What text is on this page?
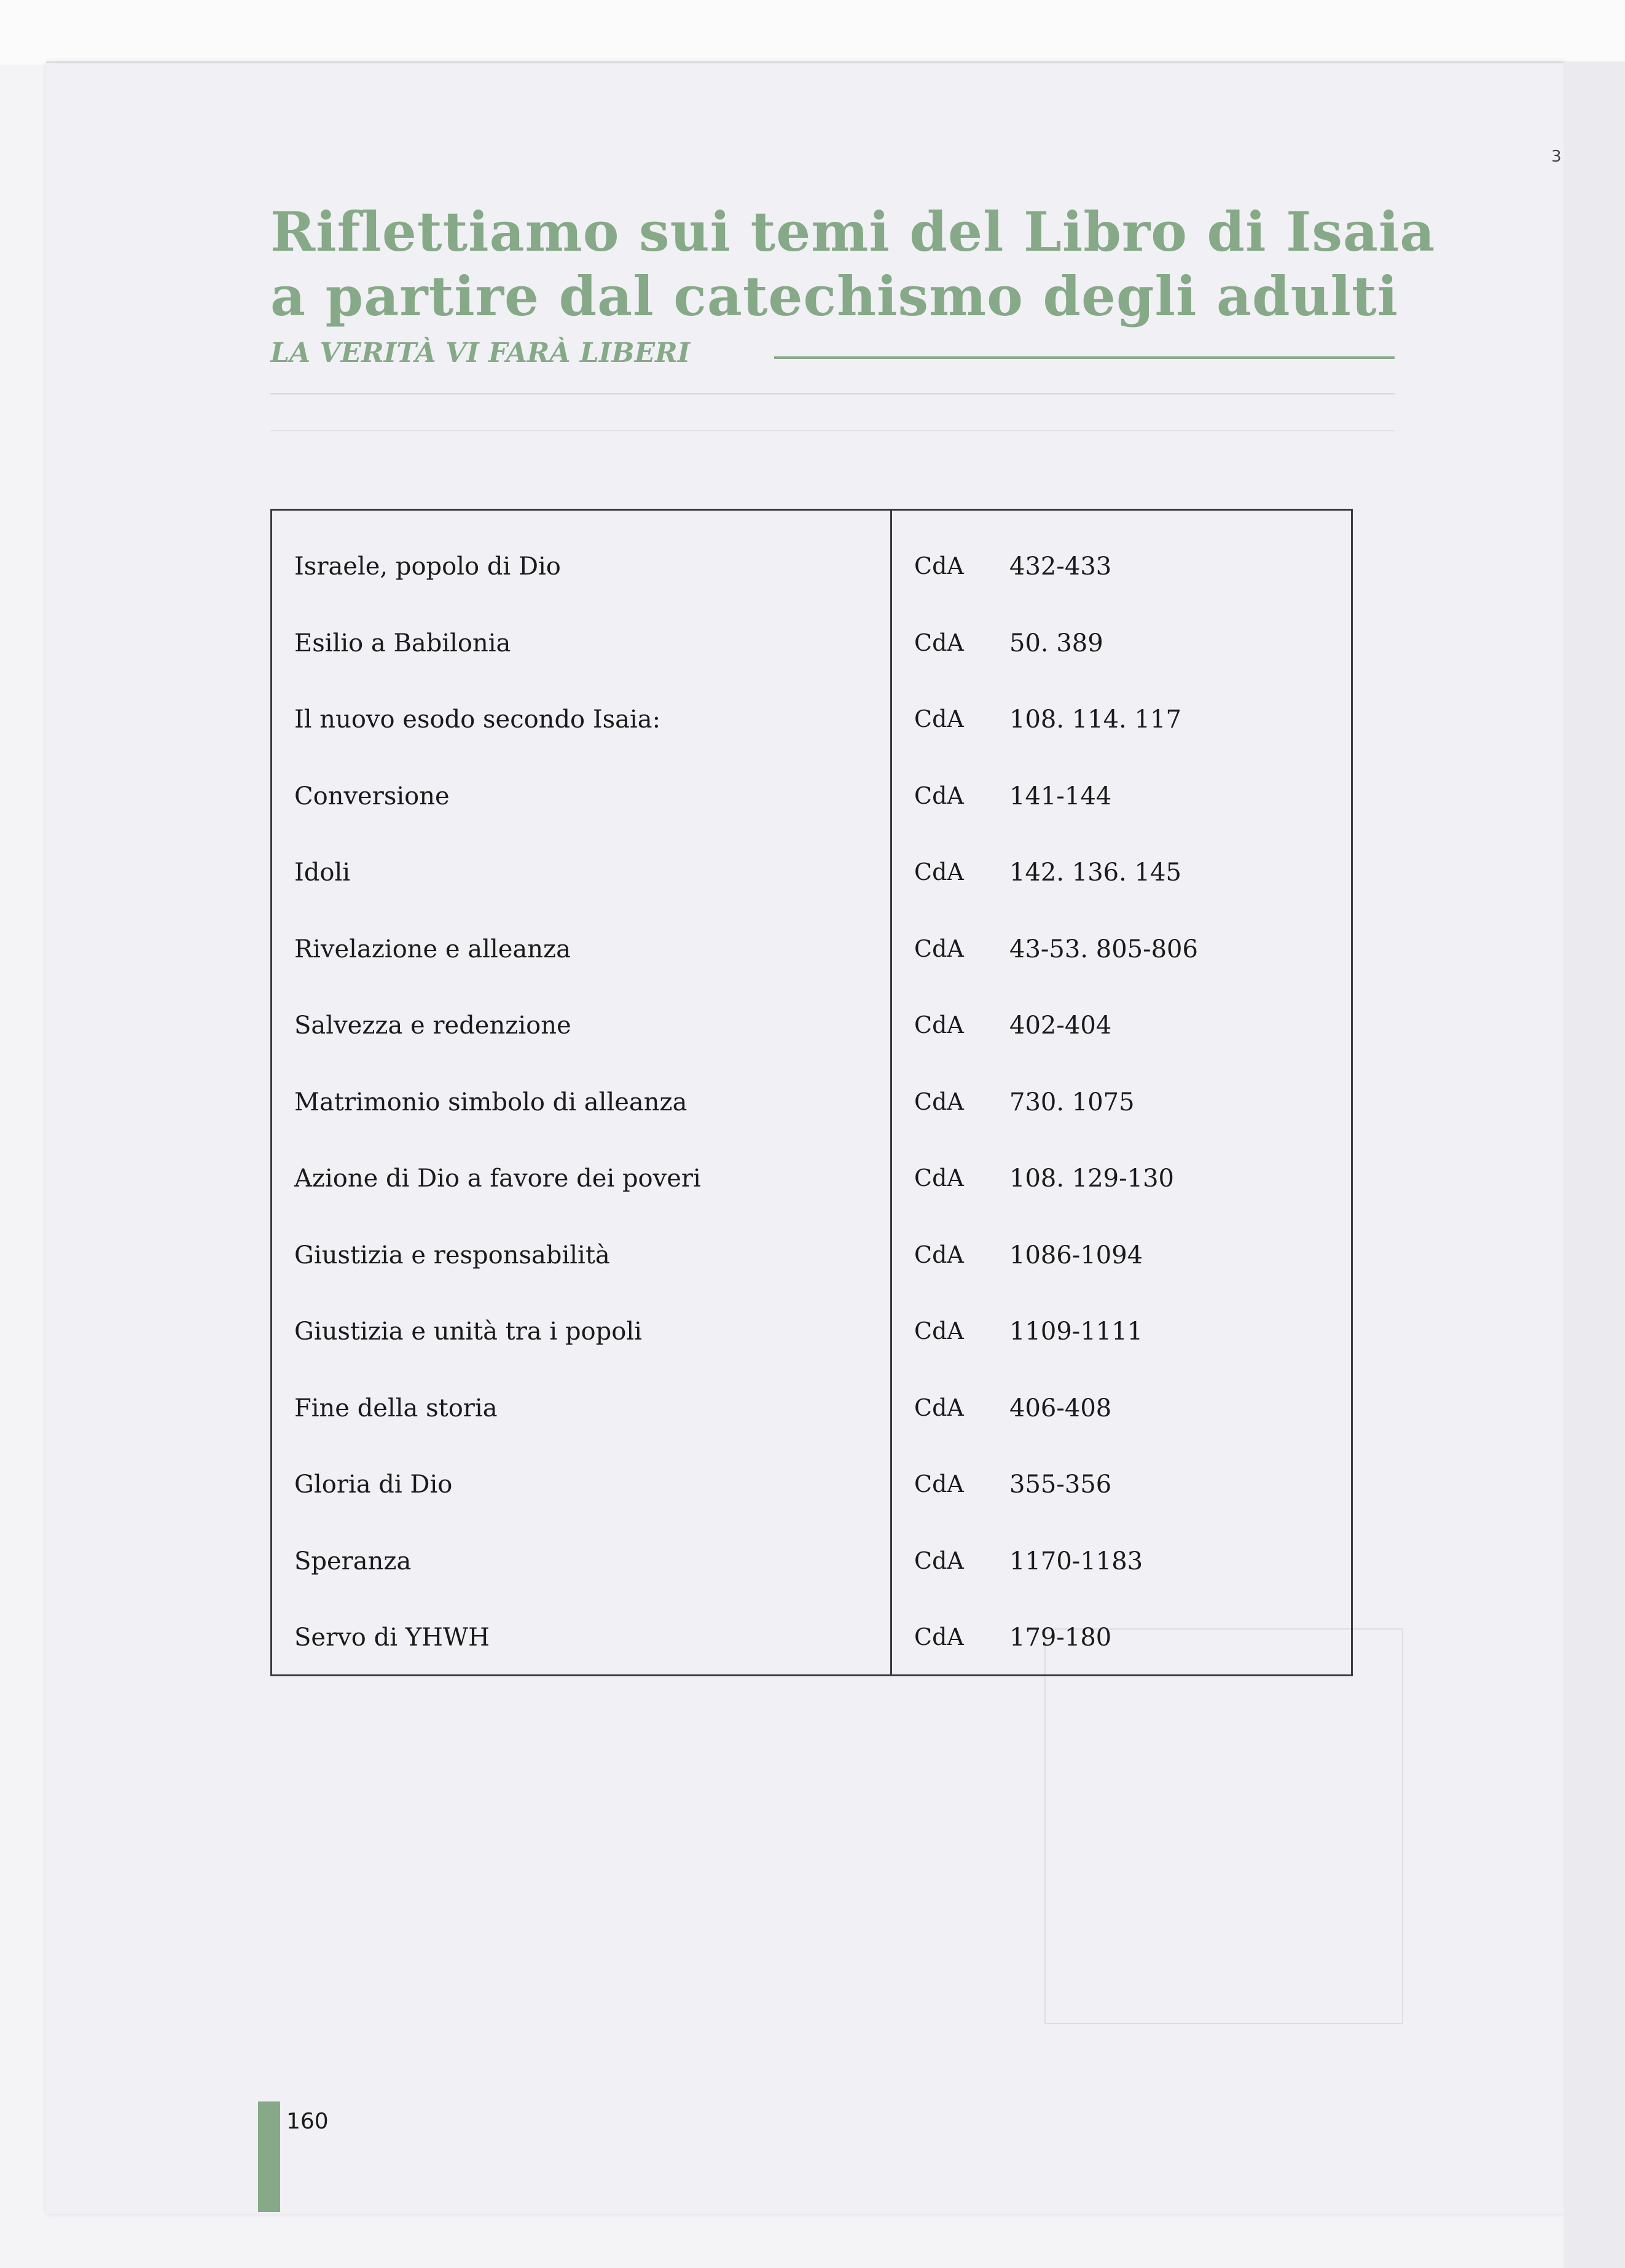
3
Riflettiamo sui temi del Libro di Isaia
a partire dal catechismo degli adulti
LA VERITÀ VI FARÀ LIBERI
Israele, popolo di Dio	CdA 432-433
Esilio a Babilonia	CdA 50. 389
Il nuovo esodo secondo Isaia:	CdA 108. 114. 117
Conversione	CdA 141-144
Idoli	CdA 142. 136. 145
Rivelazione e alleanza	CdA 43-53. 805-806
Salvezza e redenzione	CdA 402-404
Matrimonio simbolo di alleanza	CdA 730. 1075
Azione di Dio a favore dei poveri	CdA 108. 129-130
Giustizia e responsabilità	CdA 1086-1094
Giustizia e unità tra i popoli	CdA 1109-1111
Fine della storia	CdA 406-408
Gloria di Dio	CdA 355-356
Speranza	CdA 1170-1183
Servo di YHWH	CdA 179-180
160
